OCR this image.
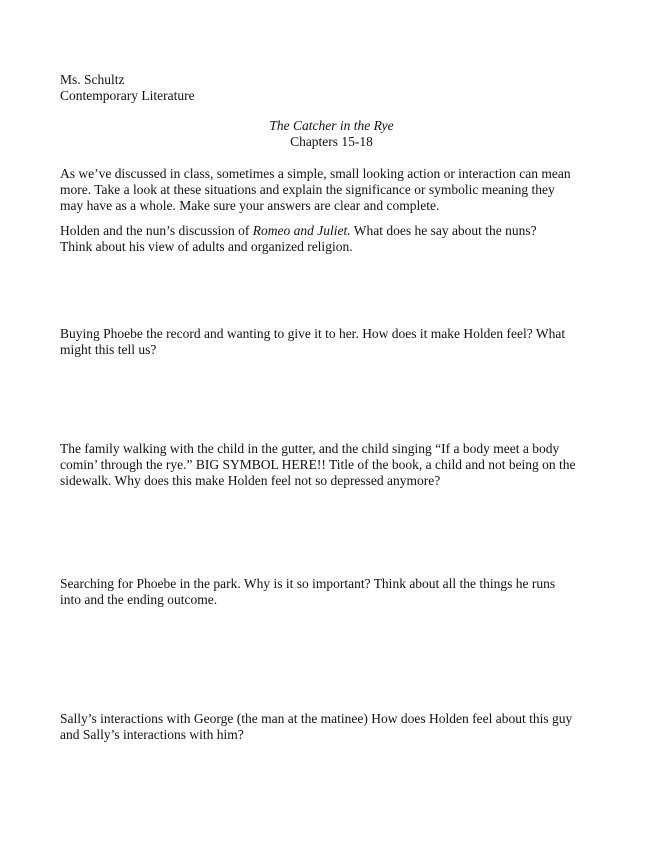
Ms. Schultz
Contemporary Literature
The Catcher in the Rye
Chapters 15-18
As we’ve discussed in class, sometimes a simple, small looking action or interaction can mean
more. Take a look at these situations and explain the significance or symbolic meaning they
may have as a whole. Make sure your answers are clear and complete.
Holden and the nun’s discussion of Romeo and Juliet. What does he say about the nuns?
Think about his view of adults and organized religion.
Buying Phoebe the record and wanting to give it to her. How does it make Holden feel? What
might this tell us?
The family walking with the child in the gutter, and the child singing “If a body meet a body
comin’ through the rye.” BIG SYMBOL HERE!! Title of the book, a child and not being on the
sidewalk. Why does this make Holden feel not so depressed anymore?
Searching for Phoebe in the park. Why is it so important? Think about all the things he runs
into and the ending outcome.
Sally’s interactions with George (the man at the matinee) How does Holden feel about this guy
and Sally’s interactions with him?
